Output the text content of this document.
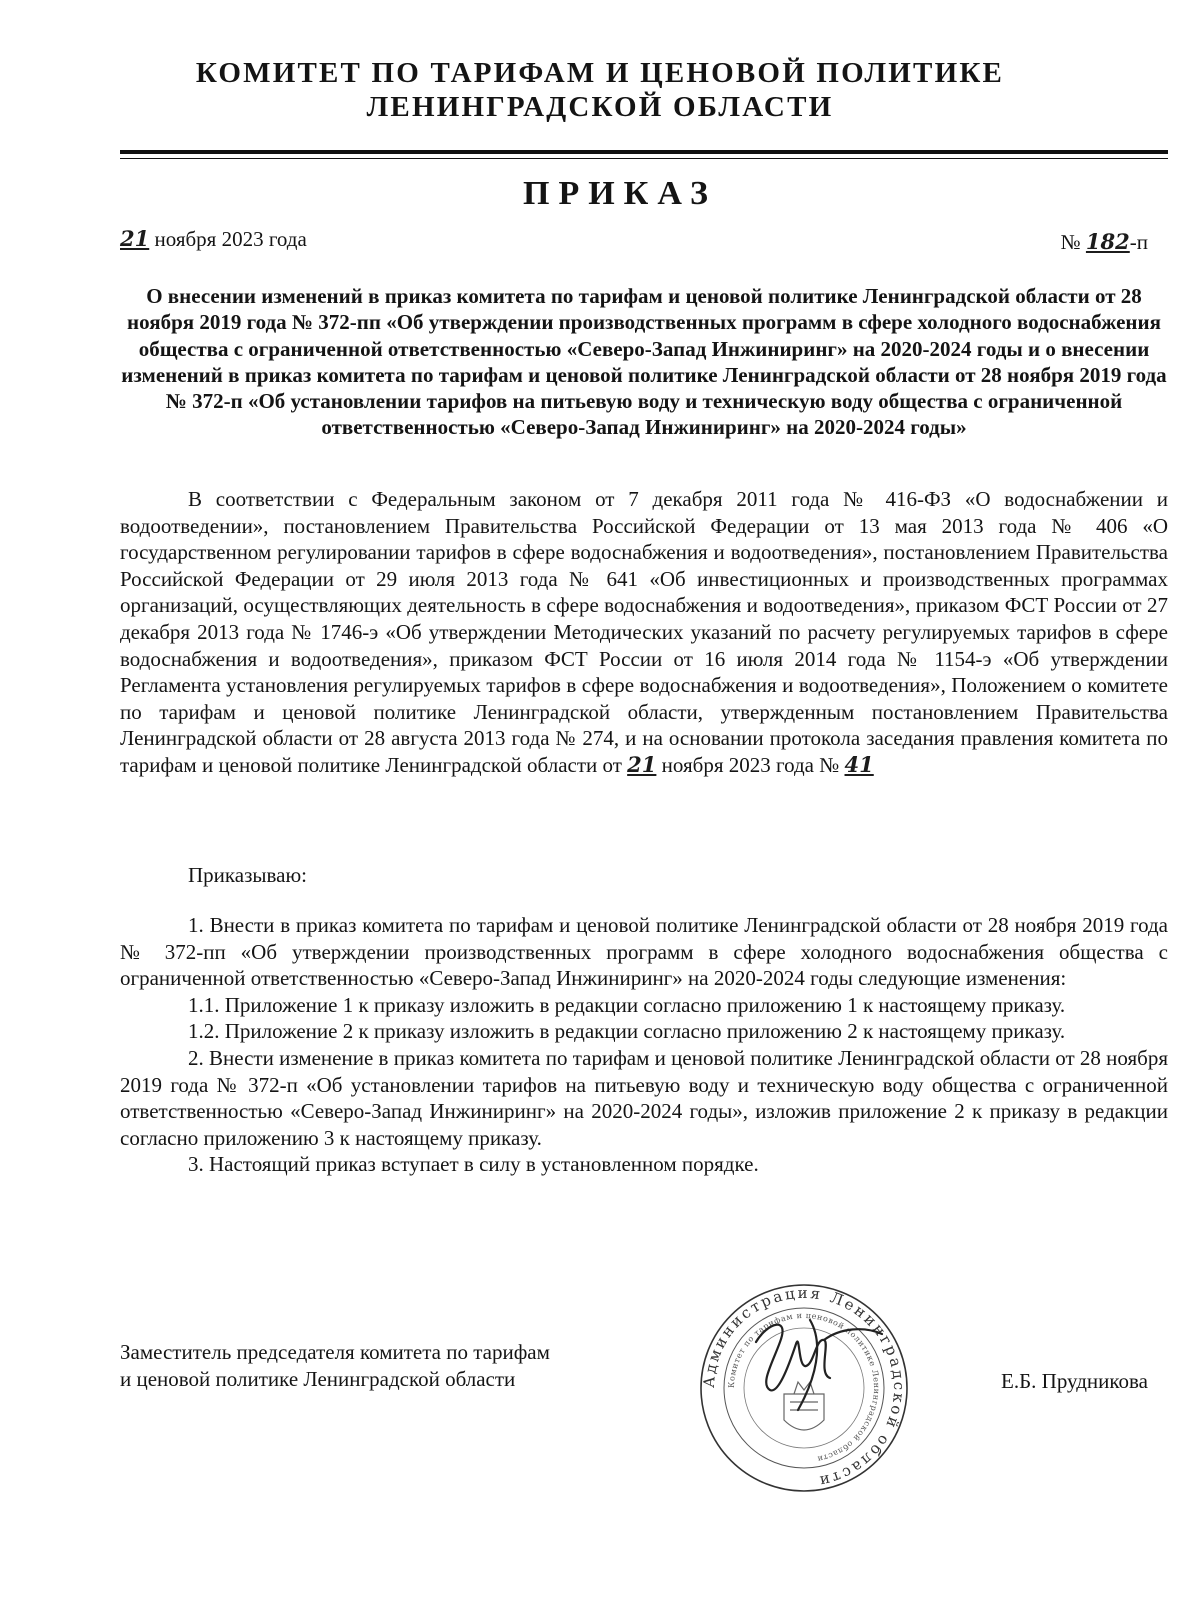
КОМИТЕТ ПО ТАРИФАМ И ЦЕНОВОЙ ПОЛИТИКЕ
ЛЕНИНГРАДСКОЙ ОБЛАСТИ
ПРИКАЗ
21 ноября 2023 года	№ 182-п
О внесении изменений в приказ комитета по тарифам и ценовой политике Ленинградской области от 28 ноября 2019 года № 372-пп «Об утверждении производственных программ в сфере холодного водоснабжения общества с ограниченной ответственностью «Северо-Запад Инжиниринг» на 2020-2024 годы и о внесении изменений в приказ комитета по тарифам и ценовой политике Ленинградской области от 28 ноября 2019 года № 372-п «Об установлении тарифов на питьевую воду и техническую воду общества с ограниченной ответственностью «Северо-Запад Инжиниринг» на 2020-2024 годы»

В соответствии с Федеральным законом от 7 декабря 2011 года № 416-ФЗ «О водоснабжении и водоотведении», постановлением Правительства Российской Федерации от 13 мая 2013 года № 406 «О государственном регулировании тарифов в сфере водоснабжения и водоотведения», постановлением Правительства Российской Федерации от 29 июля 2013 года № 641 «Об инвестиционных и производственных программах организаций, осуществляющих деятельность в сфере водоснабжения и водоотведения», приказом ФСТ России от 27 декабря 2013 года № 1746-э «Об утверждении Методических указаний по расчету регулируемых тарифов в сфере водоснабжения и водоотведения», приказом ФСТ России от 16 июля 2014 года № 1154-э «Об утверждении Регламента установления регулируемых тарифов в сфере водоснабжения и водоотведения», Положением о комитете по тарифам и ценовой политике Ленинградской области, утвержденным постановлением Правительства Ленинградской области от 28 августа 2013 года № 274, и на основании протокола заседания правления комитета по тарифам и ценовой политике Ленинградской области от 21 ноября 2023 года № 41

Приказываю:

1. Внести в приказ комитета по тарифам и ценовой политике Ленинградской области от 28 ноября 2019 года № 372-пп «Об утверждении производственных программ в сфере холодного водоснабжения общества с ограниченной ответственностью «Северо-Запад Инжиниринг» на 2020-2024 годы следующие изменения:

1.1. Приложение 1 к приказу изложить в редакции согласно приложению 1 к настоящему приказу.

1.2. Приложение 2 к приказу изложить в редакции согласно приложению 2 к настоящему приказу.

2. Внести изменение в приказ комитета по тарифам и ценовой политике Ленинградской области от 28 ноября 2019 года № 372-п «Об установлении тарифов на питьевую воду и техническую воду общества с ограниченной ответственностью «Северо-Запад Инжиниринг» на 2020-2024 годы», изложив приложение 2 к приказу в редакции согласно приложению 3 к настоящему приказу.

3. Настоящий приказ вступает в силу в установленном порядке.

Заместитель председателя комитета по тарифам
и ценовой политике Ленинградской области	Администрация Ленинградской области
Комитет по тарифам и ценовой политике Ленинградской области
Е.Б. Прудникова
